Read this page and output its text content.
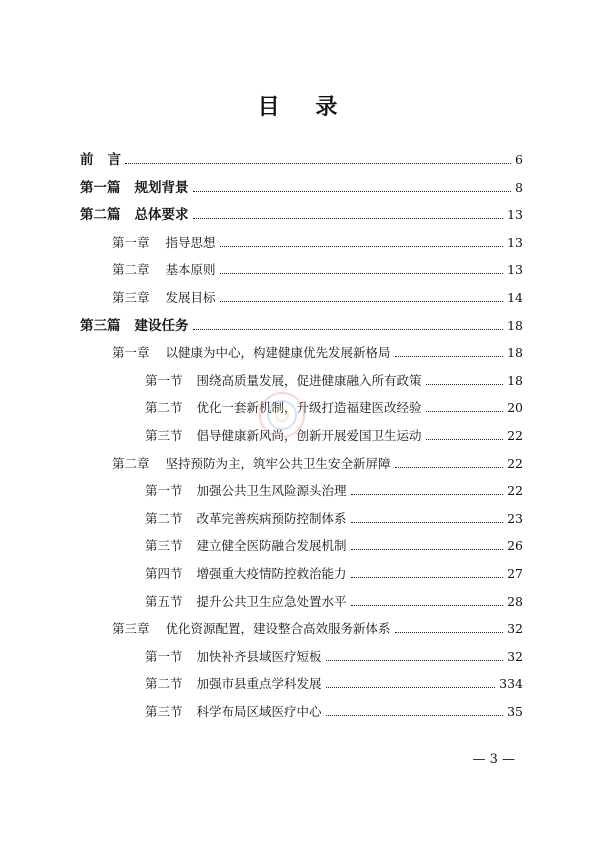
目 录
前 言	6
第一篇 规划背景	8
第二篇 总体要求	13
第一章 指导思想	13
第二章 基本原则	13
第三章 发展目标	14
第三篇 建设任务	18
第一章 以健康为中心，构建健康优先发展新格局	18
第一节 围绕高质量发展，促进健康融入所有政策	18
第二节 优化一套新机制，升级打造福建医改经验	20
第三节 倡导健康新风尚，创新开展爱国卫生运动	22
第二章 坚持预防为主，筑牢公共卫生安全新屏障	22
第一节 加强公共卫生风险源头治理	22
第二节 改革完善疾病预防控制体系	23
第三节 建立健全医防融合发展机制	26
第四节 增强重大疫情防控救治能力	27
第五节 提升公共卫生应急处置水平	28
第三章 优化资源配置，建设整合高效服务新体系	32
第一节 加快补齐县域医疗短板	32
第二节 加强市县重点学科发展	334
第三节 科学布局区域医疗中心	35
— 3 —
